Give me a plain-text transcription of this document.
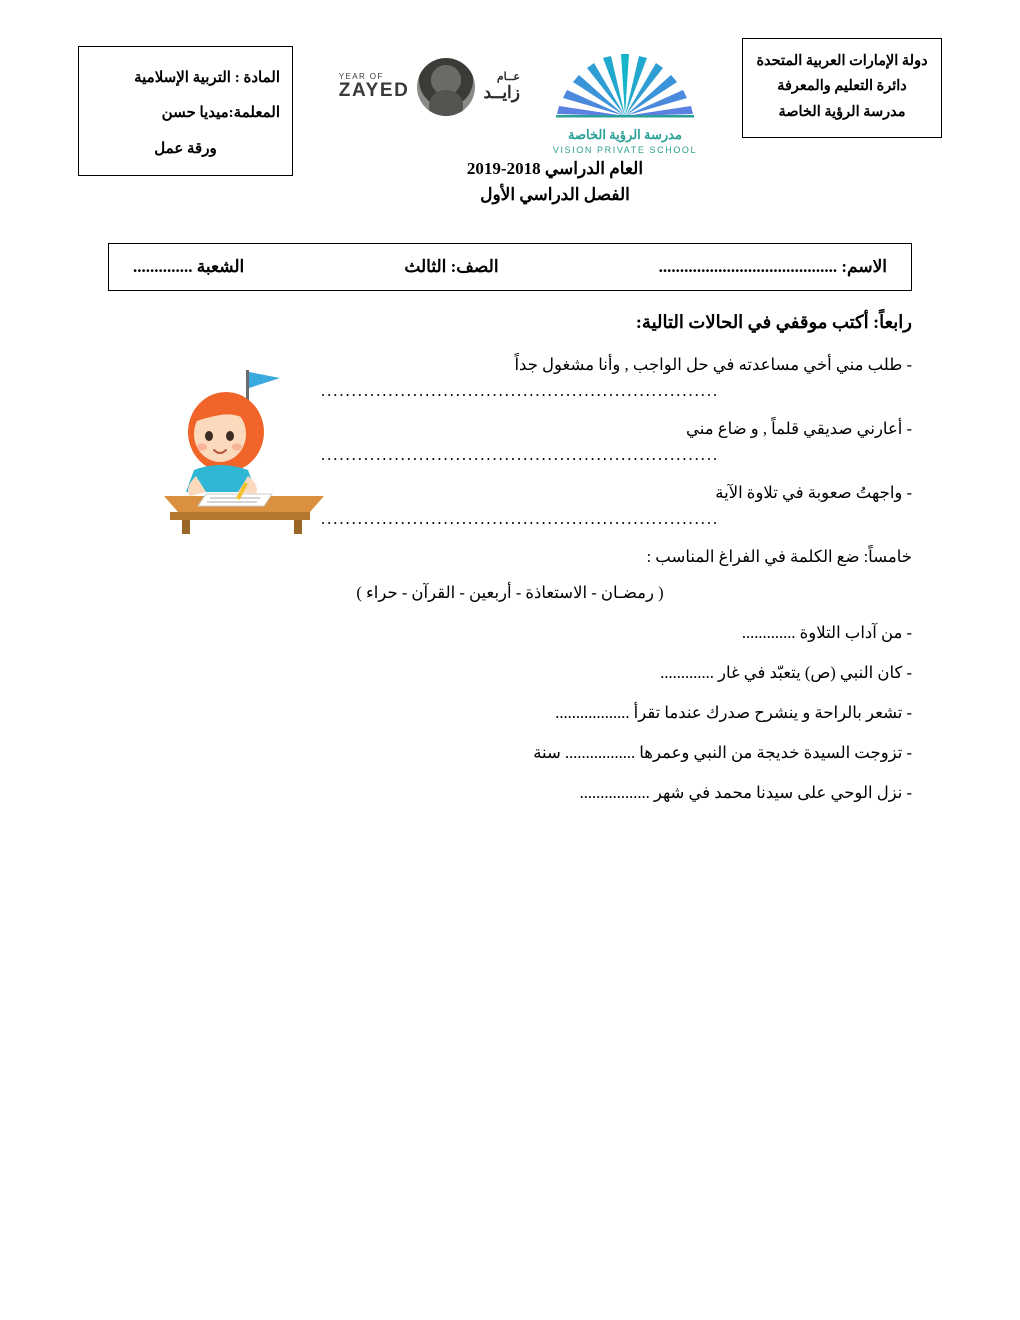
دولة الإمارات العربية المتحدة
دائرة التعليم والمعرفة
مدرسة الرؤية الخاصة
المادة : التربية الإسلامية
المعلمة:ميديا حسن
ورقة عمل
مدرسة الرؤية الخاصة
VISION PRIVATE SCHOOL
عــام
زايــد
YEAR OF
ZAYED
العام الدراسي 2018-2019
الفصل الدراسي الأول
الاسم: ..........................................
الصف: الثالث
الشعبة ..............
رابعاً: أكتب موقفي في الحالات التالية:
- طلب مني أخي مساعدته في حل الواجب , وأنا مشغول جداً
.................................................................
- أعارني صديقي قلماً , و ضاع مني
.................................................................
- واجهتُ صعوبة في تلاوة الآية
.................................................................
خامساً: ضع الكلمة في الفراغ المناسب :
( رمضـان - الاستعاذة - أربعين - القرآن - حراء )
- من آداب التلاوة .............
- كان النبي (ص) يتعبّد في غار .............
- تشعر بالراحة و ينشرح صدرك عندما تقرأ ..................
- تزوجت السيدة خديجة من النبي وعمرها ................. سنة
- نزل الوحي على سيدنا محمد في شهر .................
